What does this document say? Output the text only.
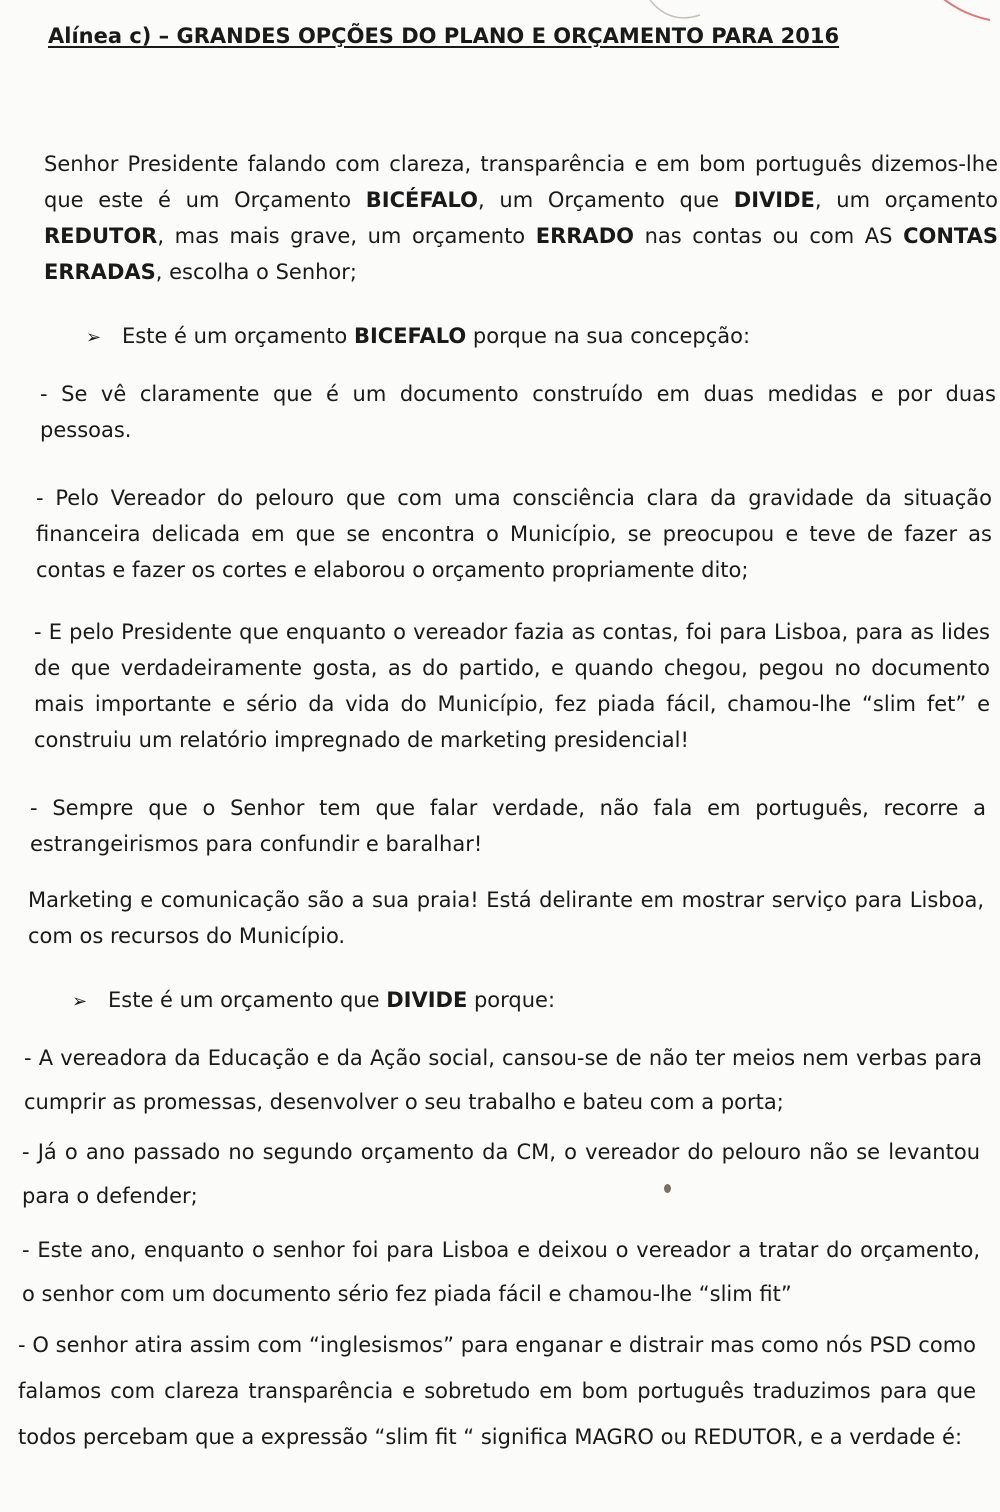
Alínea c) – GRANDES OPÇÕES DO PLANO E ORÇAMENTO PARA 2016
Senhor Presidente falando com clareza, transparência e em bom português dizemos-lhe que este é um Orçamento BICÉFALO, um Orçamento que DIVIDE, um orçamento REDUTOR, mas mais grave, um orçamento ERRADO nas contas ou com AS CONTAS ERRADAS, escolha o Senhor;
➢ Este é um orçamento BICEFALO porque na sua concepção:
- Se vê claramente que é um documento construído em duas medidas e por duas pessoas.
- Pelo Vereador do pelouro que com uma consciência clara da gravidade da situação financeira delicada em que se encontra o Município, se preocupou e teve de fazer as contas e fazer os cortes e elaborou o orçamento propriamente dito;
- E pelo Presidente que enquanto o vereador fazia as contas, foi para Lisboa, para as lides de que verdadeiramente gosta, as do partido, e quando chegou, pegou no documento mais importante e sério da vida do Município, fez piada fácil, chamou-lhe “slim fet” e construiu um relatório impregnado de marketing presidencial!
- Sempre que o Senhor tem que falar verdade, não fala em português, recorre a estrangeirismos para confundir e baralhar!
Marketing e comunicação são a sua praia! Está delirante em mostrar serviço para Lisboa, com os recursos do Município.
➢ Este é um orçamento que DIVIDE porque:
- A vereadora da Educação e da Ação social, cansou-se de não ter meios nem verbas para cumprir as promessas, desenvolver o seu trabalho e bateu com a porta;
- Já o ano passado no segundo orçamento da CM, o vereador do pelouro não se levantou para o defender;
- Este ano, enquanto o senhor foi para Lisboa e deixou o vereador a tratar do orçamento, o senhor com um documento sério fez piada fácil e chamou-lhe “slim fit”
- O senhor atira assim com “inglesismos” para enganar e distrair mas como nós PSD como falamos com clareza transparência e sobretudo em bom português traduzimos para que todos percebam que a expressão “slim fit “ significa MAGRO ou REDUTOR, e a verdade é:
